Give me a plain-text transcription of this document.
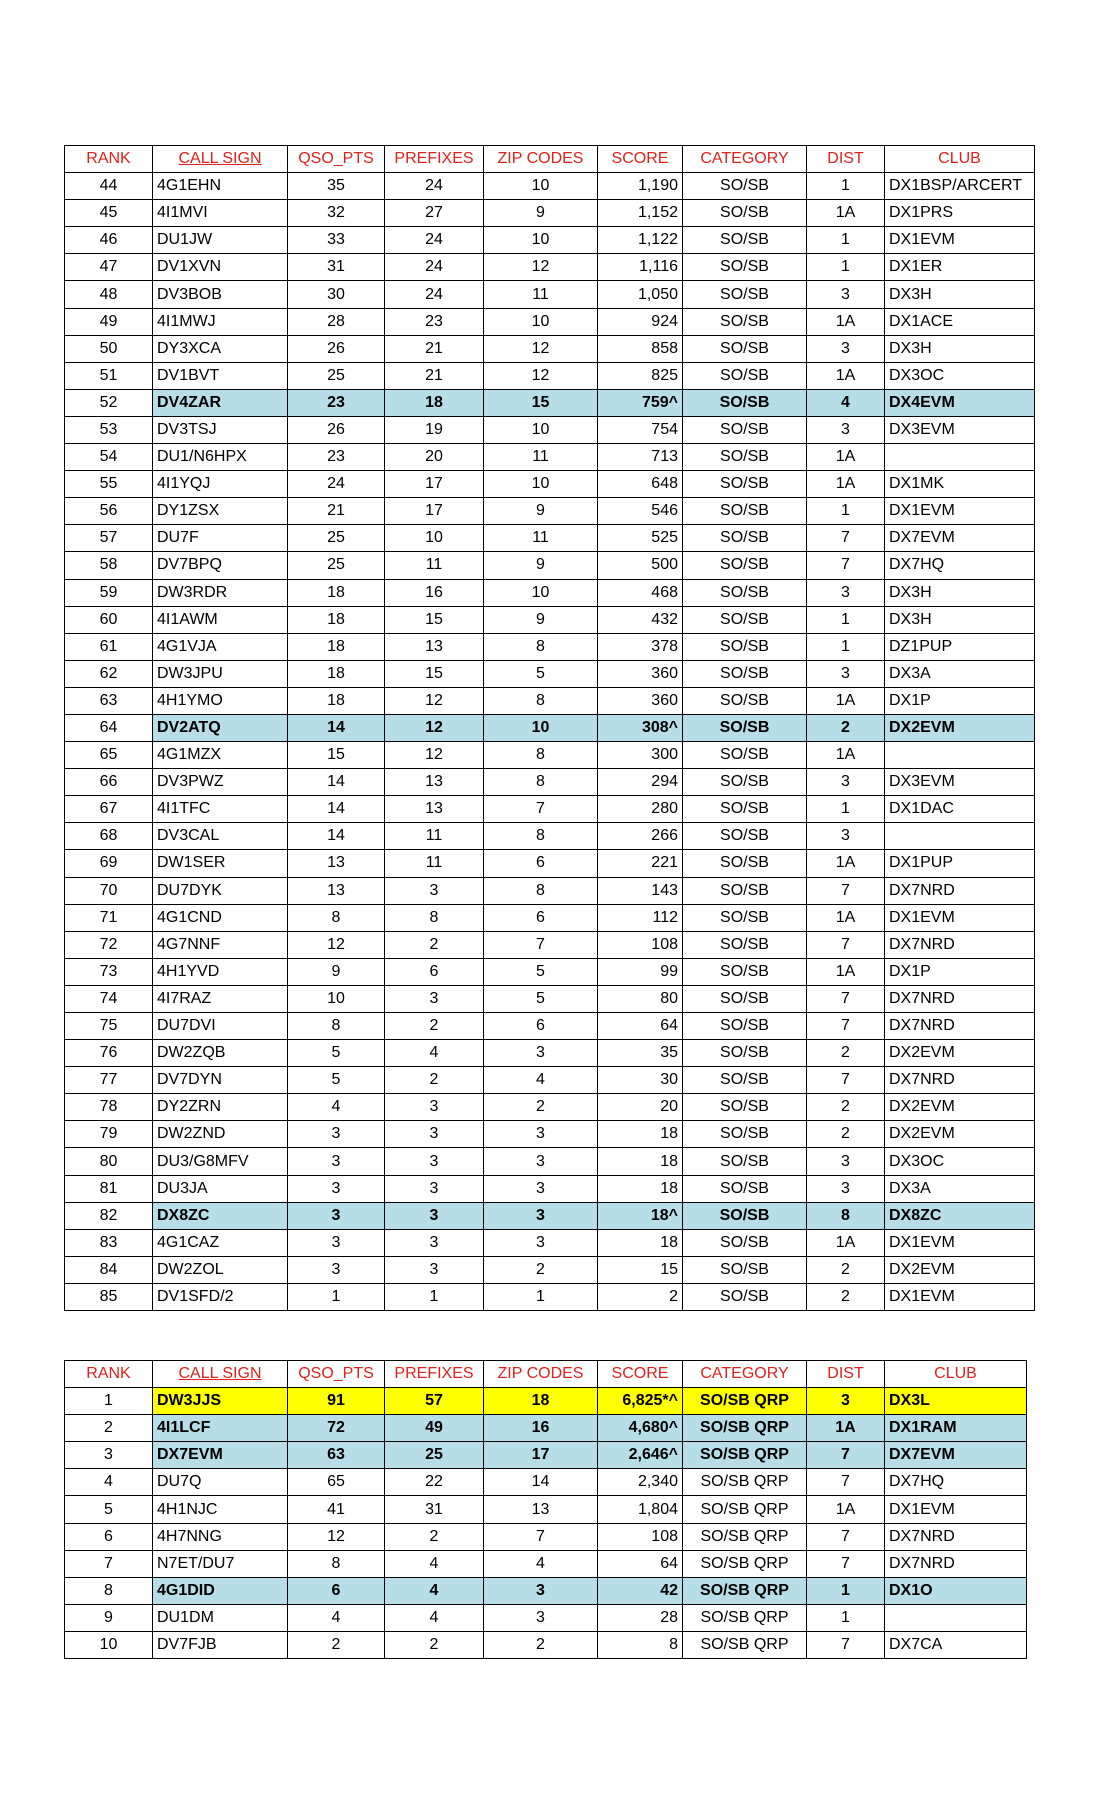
RANK	CALL SIGN	QSO_PTS	PREFIXES	ZIP CODES	SCORE	CATEGORY	DIST	CLUB
44	4G1EHN	35	24	10	1,190	SO/SB	1	DX1BSP/ARCERT
45	4I1MVI	32	27	9	1,152	SO/SB	1A	DX1PRS
46	DU1JW	33	24	10	1,122	SO/SB	1	DX1EVM
47	DV1XVN	31	24	12	1,116	SO/SB	1	DX1ER
48	DV3BOB	30	24	11	1,050	SO/SB	3	DX3H
49	4I1MWJ	28	23	10	924	SO/SB	1A	DX1ACE
50	DY3XCA	26	21	12	858	SO/SB	3	DX3H
51	DV1BVT	25	21	12	825	SO/SB	1A	DX3OC
52	DV4ZAR	23	18	15	759^	SO/SB	4	DX4EVM
53	DV3TSJ	26	19	10	754	SO/SB	3	DX3EVM
54	DU1/N6HPX	23	20	11	713	SO/SB	1A	
55	4I1YQJ	24	17	10	648	SO/SB	1A	DX1MK
56	DY1ZSX	21	17	9	546	SO/SB	1	DX1EVM
57	DU7F	25	10	11	525	SO/SB	7	DX7EVM
58	DV7BPQ	25	11	9	500	SO/SB	7	DX7HQ
59	DW3RDR	18	16	10	468	SO/SB	3	DX3H
60	4I1AWM	18	15	9	432	SO/SB	1	DX3H
61	4G1VJA	18	13	8	378	SO/SB	1	DZ1PUP
62	DW3JPU	18	15	5	360	SO/SB	3	DX3A
63	4H1YMO	18	12	8	360	SO/SB	1A	DX1P
64	DV2ATQ	14	12	10	308^	SO/SB	2	DX2EVM
65	4G1MZX	15	12	8	300	SO/SB	1A	
66	DV3PWZ	14	13	8	294	SO/SB	3	DX3EVM
67	4I1TFC	14	13	7	280	SO/SB	1	DX1DAC
68	DV3CAL	14	11	8	266	SO/SB	3	
69	DW1SER	13	11	6	221	SO/SB	1A	DX1PUP
70	DU7DYK	13	3	8	143	SO/SB	7	DX7NRD
71	4G1CND	8	8	6	112	SO/SB	1A	DX1EVM
72	4G7NNF	12	2	7	108	SO/SB	7	DX7NRD
73	4H1YVD	9	6	5	99	SO/SB	1A	DX1P
74	4I7RAZ	10	3	5	80	SO/SB	7	DX7NRD
75	DU7DVI	8	2	6	64	SO/SB	7	DX7NRD
76	DW2ZQB	5	4	3	35	SO/SB	2	DX2EVM
77	DV7DYN	5	2	4	30	SO/SB	7	DX7NRD
78	DY2ZRN	4	3	2	20	SO/SB	2	DX2EVM
79	DW2ZND	3	3	3	18	SO/SB	2	DX2EVM
80	DU3/G8MFV	3	3	3	18	SO/SB	3	DX3OC
81	DU3JA	3	3	3	18	SO/SB	3	DX3A
82	DX8ZC	3	3	3	18^	SO/SB	8	DX8ZC
83	4G1CAZ	3	3	3	18	SO/SB	1A	DX1EVM
84	DW2ZOL	3	3	2	15	SO/SB	2	DX2EVM
85	DV1SFD/2	1	1	1	2	SO/SB	2	DX1EVM
RANK	CALL SIGN	QSO_PTS	PREFIXES	ZIP CODES	SCORE	CATEGORY	DIST	CLUB
1	DW3JJS	91	57	18	6,825*^	SO/SB QRP	3	DX3L
2	4I1LCF	72	49	16	4,680^	SO/SB QRP	1A	DX1RAM
3	DX7EVM	63	25	17	2,646^	SO/SB QRP	7	DX7EVM
4	DU7Q	65	22	14	2,340	SO/SB QRP	7	DX7HQ
5	4H1NJC	41	31	13	1,804	SO/SB QRP	1A	DX1EVM
6	4H7NNG	12	2	7	108	SO/SB QRP	7	DX7NRD
7	N7ET/DU7	8	4	4	64	SO/SB QRP	7	DX7NRD
8	4G1DID	6	4	3	42	SO/SB QRP	1	DX1O
9	DU1DM	4	4	3	28	SO/SB QRP	1	
10	DV7FJB	2	2	2	8	SO/SB QRP	7	DX7CA
